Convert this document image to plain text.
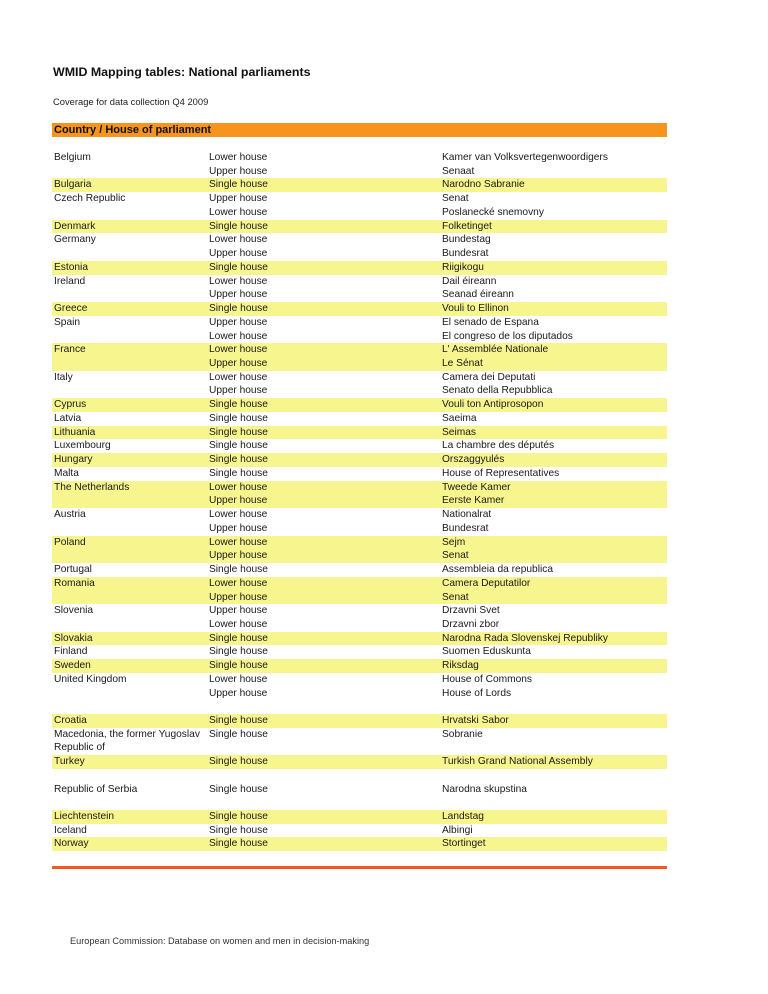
WMID Mapping tables: National parliaments
Coverage for data collection Q4 2009
Country / House of parliament
Belgium	Lower house	Kamer van Volksvertegenwoordigers
Upper house	Senaat
Bulgaria	Single house	Narodno Sabranie
Czech Republic	Upper house	Senat
Lower house	Poslanecké snemovny
Denmark	Single house	Folketinget
Germany	Lower house	Bundestag
Upper house	Bundesrat
Estonia	Single house	Riigikogu
Ireland	Lower house	Dail éireann
Upper house	Seanad éireann
Greece	Single house	Vouli to Ellinon
Spain	Upper house	El senado de Espana
Lower house	El congreso de los diputados
France	Lower house	L' Assemblée Nationale
Upper house	Le Sénat
Italy	Lower house	Camera dei Deputati
Upper house	Senato della Repubblica
Cyprus	Single house	Vouli ton Antiprosopon
Latvia	Single house	Saeima
Lithuania	Single house	Seimas
Luxembourg	Single house	La chambre des députés
Hungary	Single house	Orszaggyulés
Malta	Single house	House of Representatives
The Netherlands	Lower house	Tweede Kamer
Upper house	Eerste Kamer
Austria	Lower house	Nationalrat
Upper house	Bundesrat
Poland	Lower house	Sejm
Upper house	Senat
Portugal	Single house	Assembleia da republica
Romania	Lower house	Camera Deputatilor
Upper house	Senat
Slovenia	Upper house	Drzavni Svet
Lower house	Drzavni zbor
Slovakia	Single house	Narodna Rada Slovenskej Republiky
Finland	Single house	Suomen Eduskunta
Sweden	Single house	Riksdag
United Kingdom	Lower house	House of Commons
Upper house	House of Lords
Croatia	Single house	Hrvatski Sabor
Macedonia, the former Yugoslav Republic of
Single house	Sobranie
Turkey	Single house	Turkish Grand National Assembly
Republic of Serbia	Single house	Narodna skupstina
Liechtenstein	Single house	Landstag
Iceland	Single house	Albingi
Norway	Single house	Stortinget
European Commission: Database on women and men in decision-making
